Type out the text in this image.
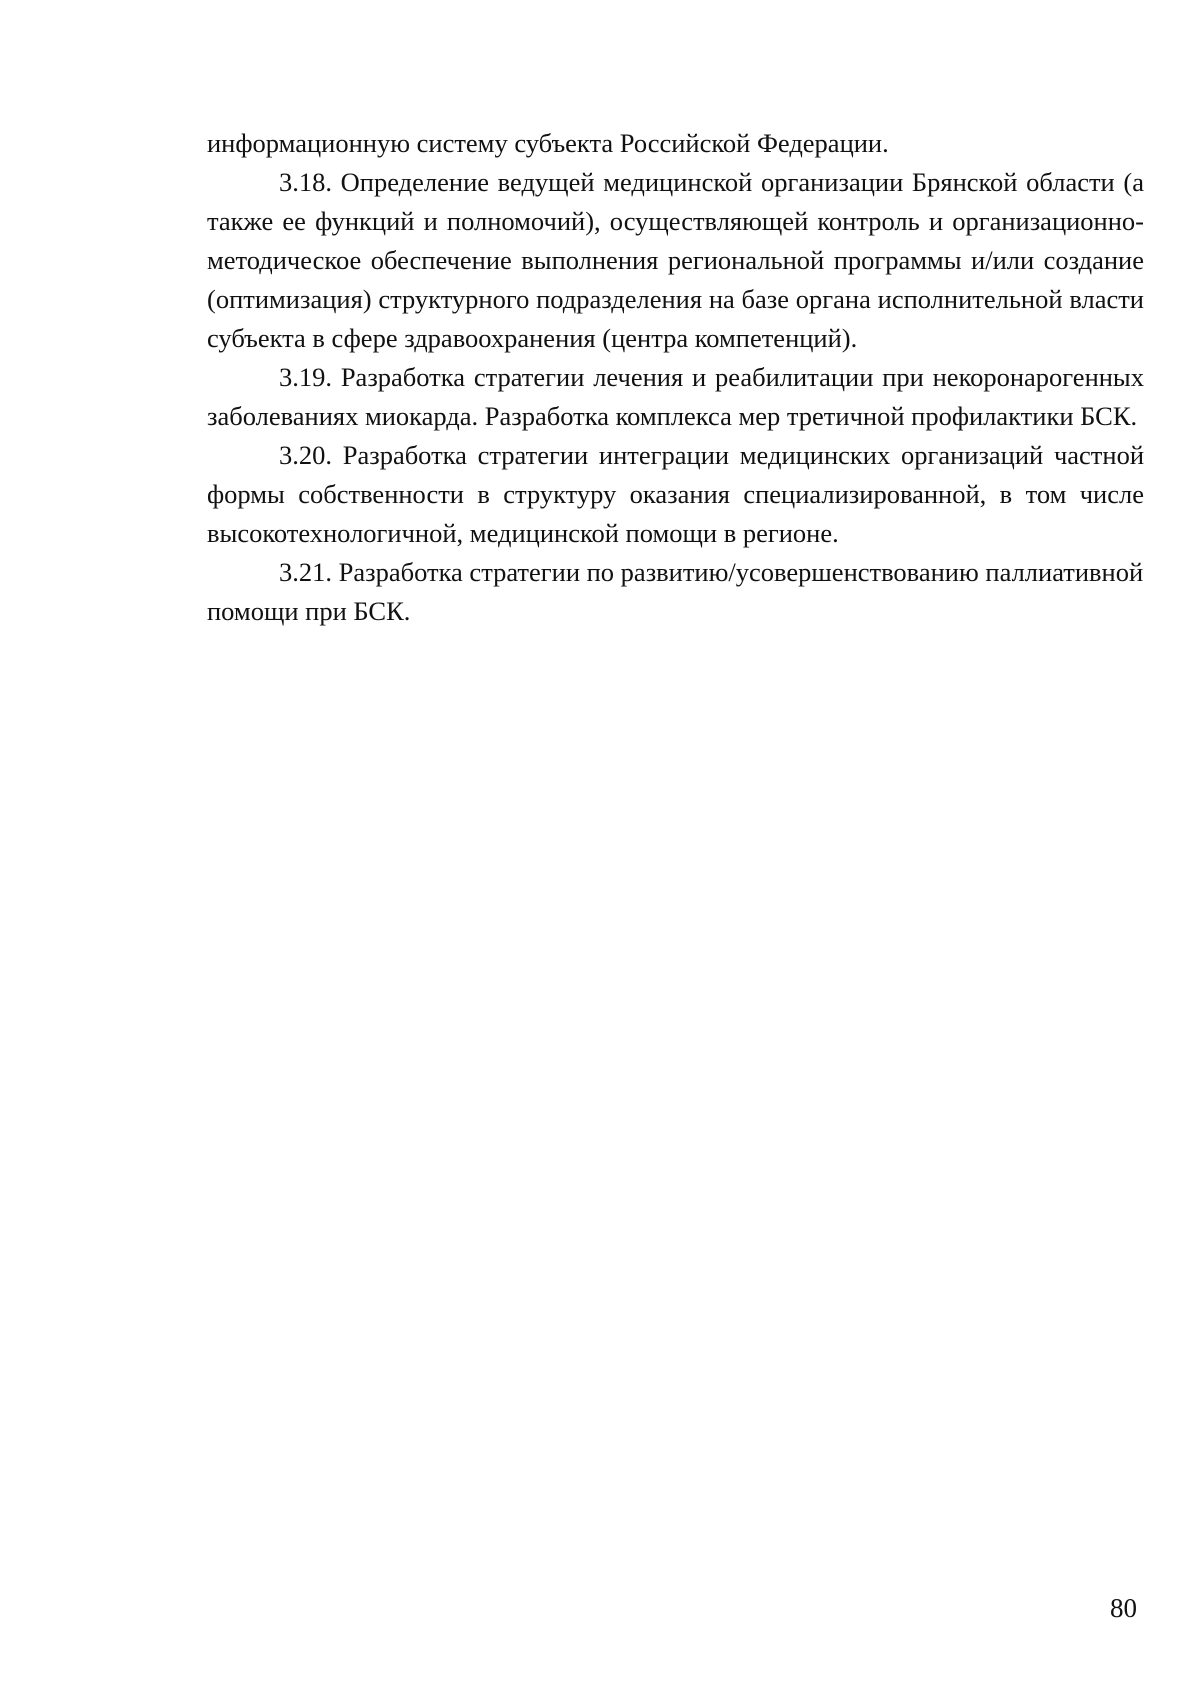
информационную систему субъекта Российской Федерации.

3.18. Определение ведущей медицинской организации Брянской области (а также ее функций и полномочий), осуществляющей контроль и организационно-методическое обеспечение выполнения региональной программы и/или создание (оптимизация) структурного подразделения на базе органа исполнительной власти субъекта в сфере здравоохранения (центра компетенций).

3.19. Разработка стратегии лечения и реабилитации при некоронарогенных заболеваниях миокарда. Разработка комплекса мер третичной профилактики БСК.

3.20. Разработка стратегии интеграции медицинских организаций частной формы собственности в структуру оказания специализированной, в том числе высокотехнологичной, медицинской помощи в регионе.

3.21. Разработка стратегии по развитию/усовершенствованию паллиативной помощи при БСК.

80
